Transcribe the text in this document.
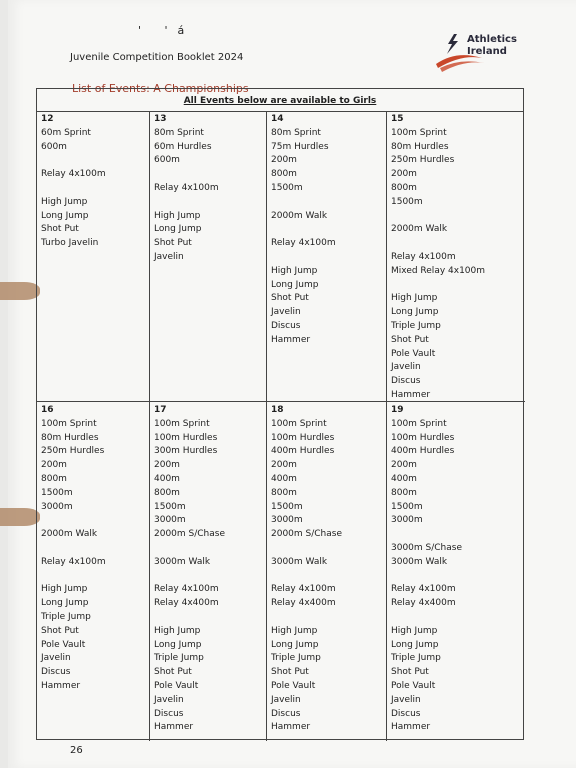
' 'á
Juvenile Competition Booklet 2024
Athletics
Ireland
List of Events: A Championships
All Events below are available to Girls
12
60m Sprint
600m
Relay 4x100m
High Jump
Long Jump
Shot Put
Turbo Javelin
13
80m Sprint
60m Hurdles
600m
Relay 4x100m
High Jump
Long Jump
Shot Put
Javelin
14
80m Sprint
75m Hurdles
200m
800m
1500m
2000m Walk
Relay 4x100m
High Jump
Long Jump
Shot Put
Javelin
Discus
Hammer
15
100m Sprint
80m Hurdles
250m Hurdles
200m
800m
1500m
2000m Walk
Relay 4x100m
Mixed Relay 4x100m
High Jump
Long Jump
Triple Jump
Shot Put
Pole Vault
Javelin
Discus
Hammer
16
100m Sprint
80m Hurdles
250m Hurdles
200m
800m
1500m
3000m
2000m Walk
Relay 4x100m
High Jump
Long Jump
Triple Jump
Shot Put
Pole Vault
Javelin
Discus
Hammer
17
100m Sprint
100m Hurdles
300m Hurdles
200m
400m
800m
1500m
3000m
2000m S/Chase
3000m Walk
Relay 4x100m
Relay 4x400m
High Jump
Long Jump
Triple Jump
Shot Put
Pole Vault
Javelin
Discus
Hammer
18
100m Sprint
100m Hurdles
400m Hurdles
200m
400m
800m
1500m
3000m
2000m S/Chase
3000m Walk
Relay 4x100m
Relay 4x400m
High Jump
Long Jump
Triple Jump
Shot Put
Pole Vault
Javelin
Discus
Hammer
19
100m Sprint
100m Hurdles
400m Hurdles
200m
400m
800m
1500m
3000m
3000m S/Chase
3000m Walk
Relay 4x100m
Relay 4x400m
High Jump
Long Jump
Triple Jump
Shot Put
Pole Vault
Javelin
Discus
Hammer
26
